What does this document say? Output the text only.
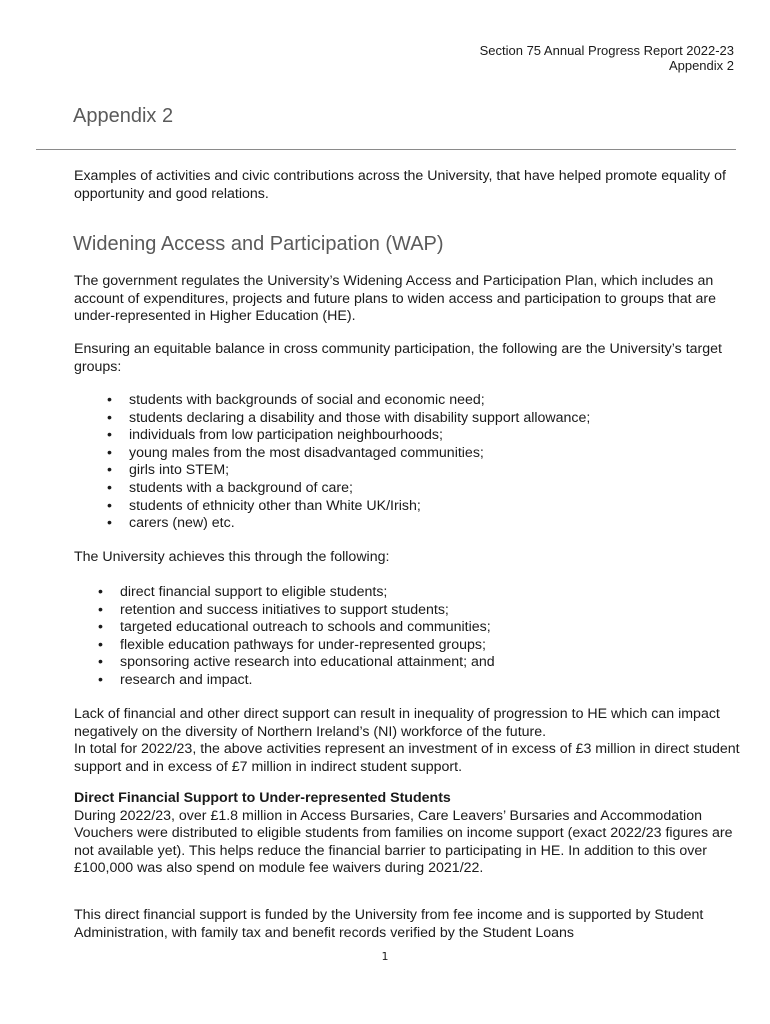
Section 75 Annual Progress Report 2022-23
Appendix 2
Appendix 2

Examples of activities and civic contributions across the University, that have helped promote equality of opportunity and good relations.

Widening Access and Participation (WAP)

The government regulates the University’s Widening Access and Participation Plan, which includes an account of expenditures, projects and future plans to widen access and participation to groups that are under-represented in Higher Education (HE).

Ensuring an equitable balance in cross community participation, the following are the University’s target groups:

• students with backgrounds of social and economic need;
• students declaring a disability and those with disability support allowance;
• individuals from low participation neighbourhoods;
• young males from the most disadvantaged communities;
• girls into STEM;
• students with a background of care;
• students of ethnicity other than White UK/Irish;
• carers (new) etc.

The University achieves this through the following:

• direct financial support to eligible students;
• retention and success initiatives to support students;
• targeted educational outreach to schools and communities;
• flexible education pathways for under-represented groups;
• sponsoring active research into educational attainment; and
• research and impact.
Lack of financial and other direct support can result in inequality of progression to HE which can impact negatively on the diversity of Northern Ireland’s (NI) workforce of the future.
In total for 2022/23, the above activities represent an investment of in excess of £3 million in direct student support and in excess of £7 million in indirect student support.
Direct Financial Support to Under-represented Students
During 2022/23, over £1.8 million in Access Bursaries, Care Leavers’ Bursaries and Accommodation Vouchers were distributed to eligible students from families on income support (exact 2022/23 figures are not available yet). This helps reduce the financial barrier to participating in HE. In addition to this over £100,000 was also spend on module fee waivers during 2021/22.

This direct financial support is funded by the University from fee income and is supported by Student Administration, with family tax and benefit records verified by the Student Loans

1
